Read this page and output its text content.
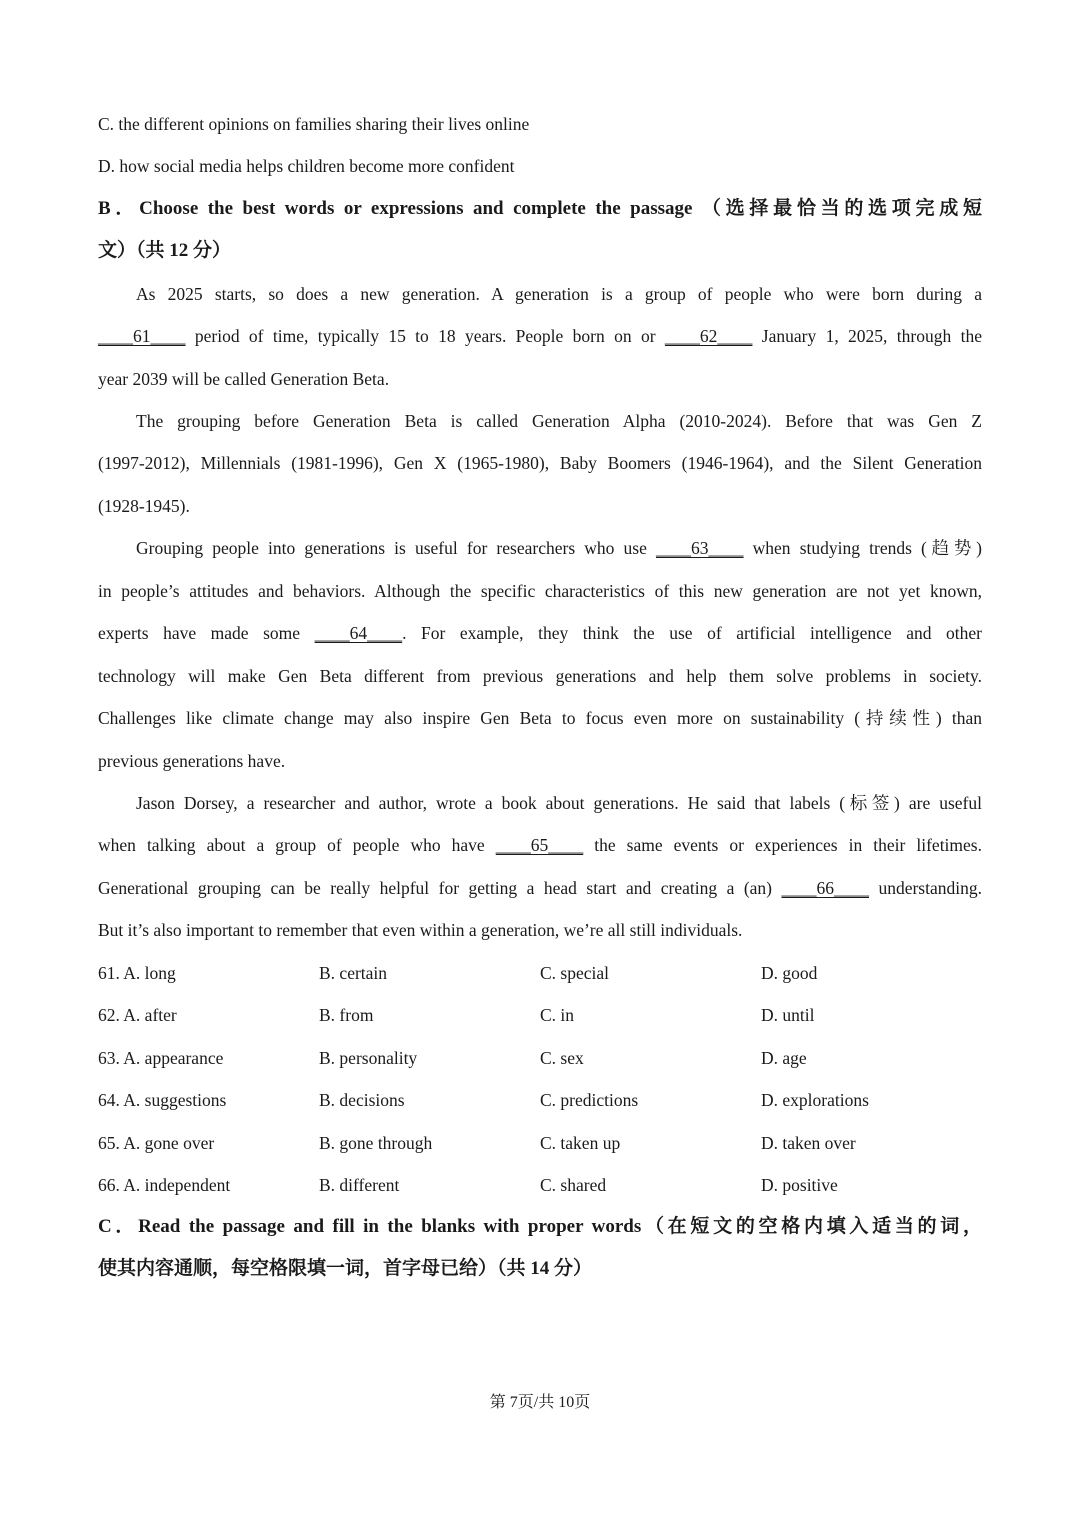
C. the different opinions on families sharing their lives online
D. how social media helps children become more confident
B．Choose the best words or expressions and complete the passage （选择最恰当的选项完成短
文）（共 12 分）
As 2025 starts, so does a new generation. A generation is a group of people who were born during a
____61____ period of time, typically 15 to 18 years. People born on or ____62____ January 1, 2025, through the
year 2039 will be called Generation Beta.
The grouping before Generation Beta is called Generation Alpha (2010-2024). Before that was Gen Z
(1997-2012), Millennials (1981-1996), Gen X (1965-1980), Baby Boomers (1946-1964), and the Silent Generation
(1928-1945).
Grouping people into generations is useful for researchers who use ____63____ when studying trends (趋势)
in people’s attitudes and behaviors. Although the specific characteristics of this new generation are not yet known,
experts have made some ____64____. For example, they think the use of artificial intelligence and other
technology will make Gen Beta different from previous generations and help them solve problems in society.
Challenges like climate change may also inspire Gen Beta to focus even more on sustainability (持续性) than
previous generations have.
Jason Dorsey, a researcher and author, wrote a book about generations. He said that labels (标签) are useful
when talking about a group of people who have ____65____ the same events or experiences in their lifetimes.
Generational grouping can be really helpful for getting a head start and creating a (an) ____66____ understanding.
But it’s also important to remember that even within a generation, we’re all still individuals.
61. A. long	B. certain	C. special	D. good
62. A. after	B. from	C. in	D. until
63. A. appearance	B. personality	C. sex	D. age
64. A. suggestions	B. decisions	C. predictions	D. explorations
65. A. gone over	B. gone through	C. taken up	D. taken over
66. A. independent	B. different	C. shared	D. positive
C．Read the passage and fill in the blanks with proper words（在短文的空格内填入适当的词，
使其内容通顺，每空格限填一词，首字母已给）（共 14 分）
第 7页/共 10页
